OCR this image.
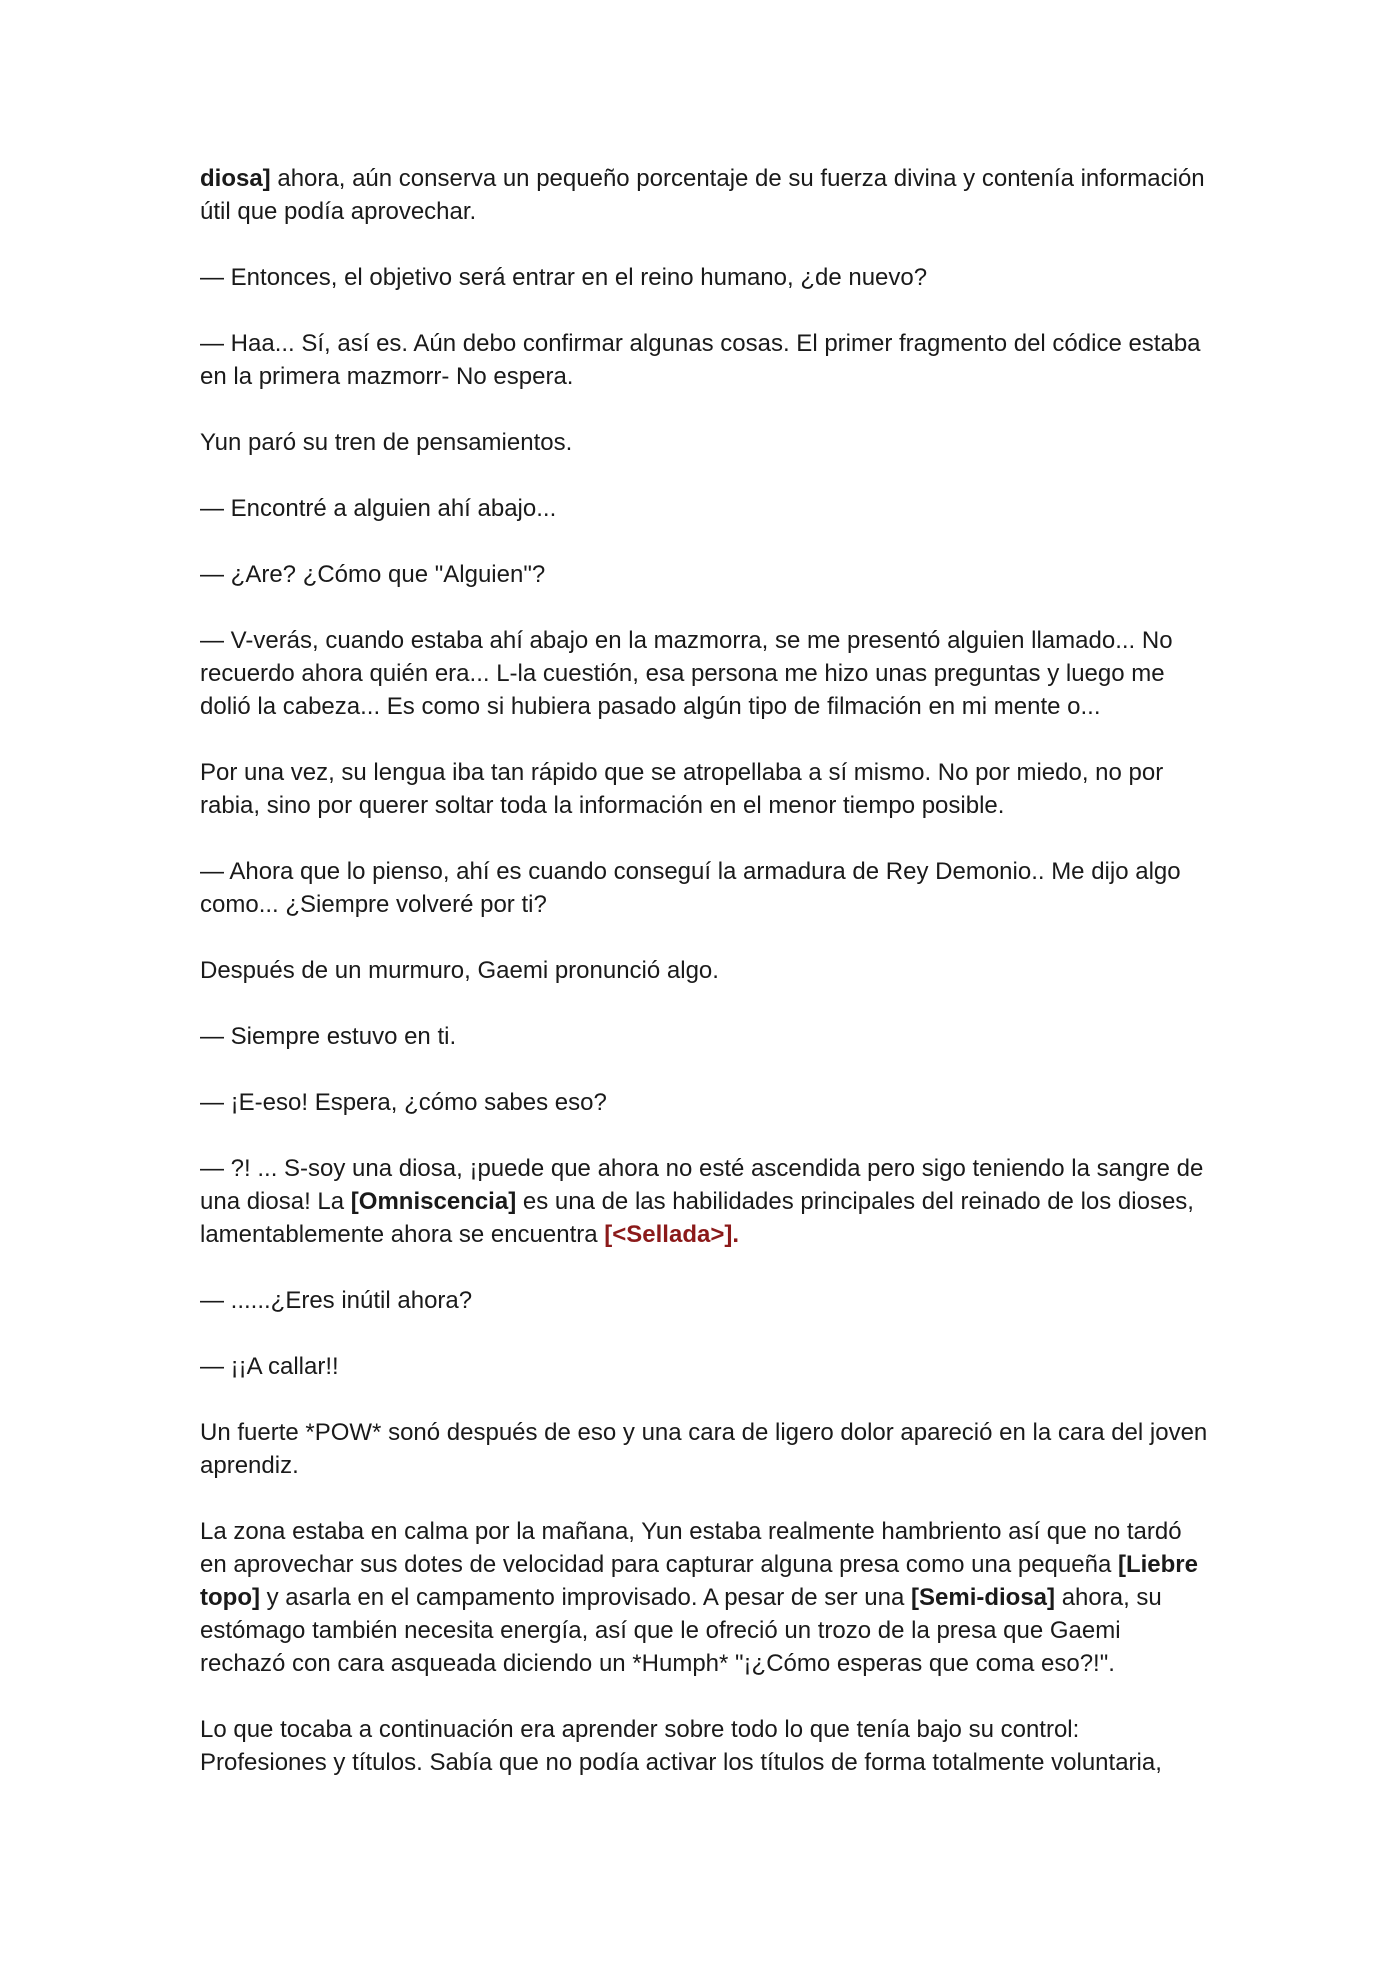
diosa] ahora, aún conserva un pequeño porcentaje de su fuerza divina y contenía información útil que podía aprovechar.

— Entonces, el objetivo será entrar en el reino humano, ¿de nuevo?

— Haa... Sí, así es. Aún debo confirmar algunas cosas. El primer fragmento del códice estaba en la primera mazmorr- No espera.

Yun paró su tren de pensamientos.

— Encontré a alguien ahí abajo...

— ¿Are? ¿Cómo que "Alguien"?

— V-verás, cuando estaba ahí abajo en la mazmorra, se me presentó alguien llamado... No recuerdo ahora quién era... L-la cuestión, esa persona me hizo unas preguntas y luego me dolió la cabeza... Es como si hubiera pasado algún tipo de filmación en mi mente o...

Por una vez, su lengua iba tan rápido que se atropellaba a sí mismo. No por miedo, no por rabia, sino por querer soltar toda la información en el menor tiempo posible.

— Ahora que lo pienso, ahí es cuando conseguí la armadura de Rey Demonio.. Me dijo algo como... ¿Siempre volveré por ti?

Después de un murmuro, Gaemi pronunció algo.

— Siempre estuvo en ti.

— ¡E-eso! Espera, ¿cómo sabes eso?

— ?! ... S-soy una diosa, ¡puede que ahora no esté ascendida pero sigo teniendo la sangre de una diosa! La [Omniscencia] es una de las habilidades principales del reinado de los dioses, lamentablemente ahora se encuentra [<Sellada>].

— ......¿Eres inútil ahora?

— ¡¡A callar!!

Un fuerte *POW* sonó después de eso y una cara de ligero dolor apareció en la cara del joven aprendiz.

La zona estaba en calma por la mañana, Yun estaba realmente hambriento así que no tardó en aprovechar sus dotes de velocidad para capturar alguna presa como una pequeña [Liebre topo] y asarla en el campamento improvisado. A pesar de ser una [Semi-diosa] ahora, su estómago también necesita energía, así que le ofreció un trozo de la presa que Gaemi rechazó con cara asqueada diciendo un *Humph* "¡¿Cómo esperas que coma eso?!".

Lo que tocaba a continuación era aprender sobre todo lo que tenía bajo su control: Profesiones y títulos. Sabía que no podía activar los títulos de forma totalmente voluntaria,
